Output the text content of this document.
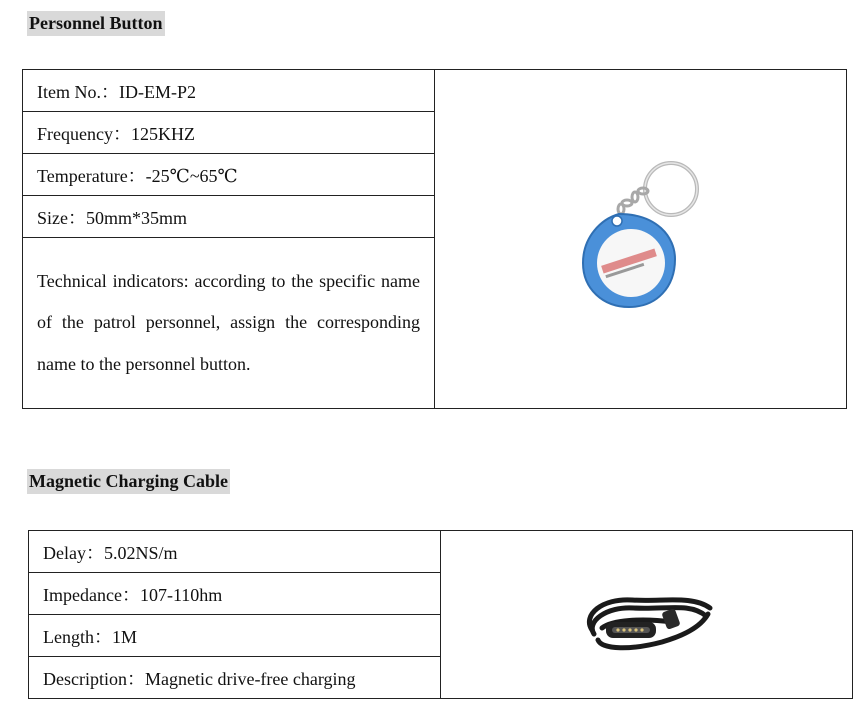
Personnel Button
Item No.：ID-EM-P2	

Frequency：125KHZ
Temperature：-25℃~65℃
Size：50mm*35mm
Technical indicators: according to the specific name of the patrol personnel, assign the corresponding name to the personnel button.
Magnetic Charging Cable
Delay：5.02NS/m	

Impedance：107-110hm
Length：1M
Description：Magnetic drive-free charging
